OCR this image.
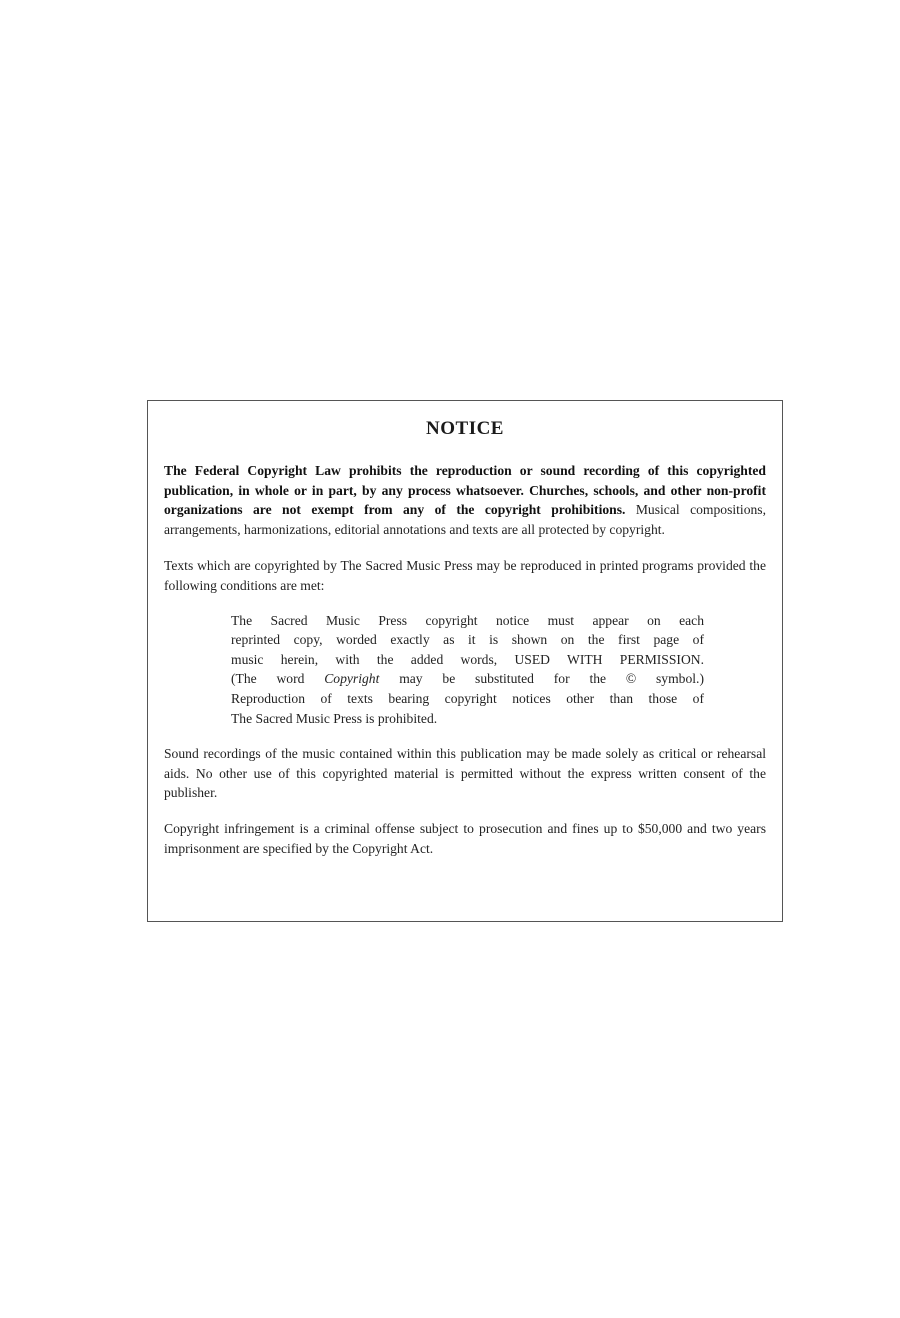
NOTICE

The Federal Copyright Law prohibits the reproduction or sound recording of this copyrighted publication, in whole or in part, by any process whatsoever. Churches, schools, and other non-profit organizations are not exempt from any of the copyright prohibitions. Musical compositions, arrangements, harmonizations, editorial annotations and texts are all protected by copyright.

Texts which are copyrighted by The Sacred Music Press may be reproduced in printed programs provided the following conditions are met:

The Sacred Music Press copyright notice must appear on each
reprinted copy, worded exactly as it is shown on the first page of
music herein, with the added words, USED WITH PERMISSION.
(The word Copyright may be substituted for the © symbol.)
Reproduction of texts bearing copyright notices other than those of
The Sacred Music Press is prohibited.

Sound recordings of the music contained within this publication may be made solely as critical or rehearsal aids. No other use of this copyrighted material is permitted without the express written consent of the publisher.

Copyright infringement is a criminal offense subject to prosecution and fines up to $50,000 and two years imprisonment are specified by the Copyright Act.
